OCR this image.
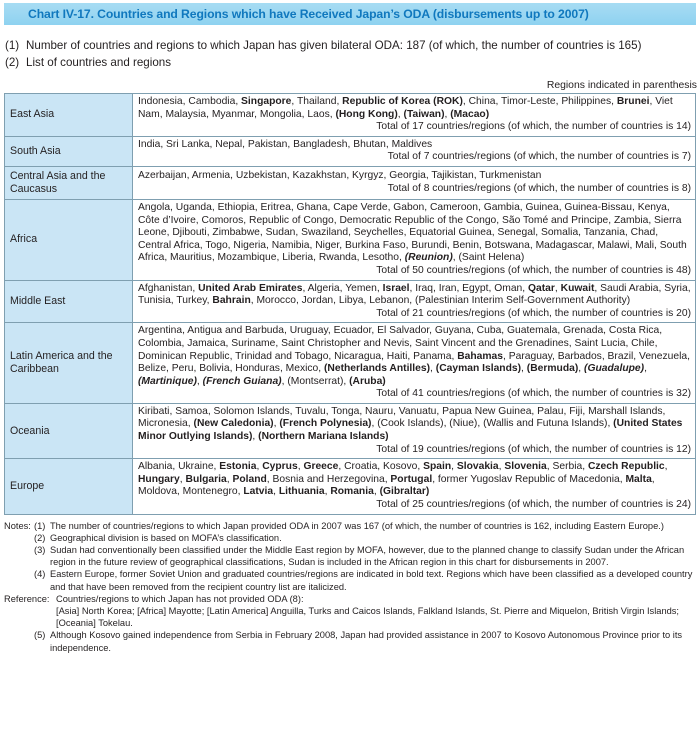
Chart IV-17. Countries and Regions which have Received Japan’s ODA (disbursements up to 2007)
(1) Number of countries and regions to which Japan has given bilateral ODA: 187 (of which, the number of countries is 165)
(2) List of countries and regions
Regions indicated in parenthesis
East Asia	Indonesia, Cambodia, Singapore, Thailand, Republic of Korea (ROK), China, Timor-Leste, Philippines, Brunei, Viet Nam, Malaysia, Myanmar, Mongolia, Laos, (Hong Kong), (Taiwan), (Macao)
Total of 17 countries/regions (of which, the number of countries is 14)

South Asia	India, Sri Lanka, Nepal, Pakistan, Bangladesh, Bhutan, Maldives
Total of 7 countries/regions (of which, the number of countries is 7)

Central Asia and the Caucasus	Azerbaijan, Armenia, Uzbekistan, Kazakhstan, Kyrgyz, Georgia, Tajikistan, Turkmenistan
Total of 8 countries/regions (of which, the number of countries is 8)

Africa	Angola, Uganda, Ethiopia, Eritrea, Ghana, Cape Verde, Gabon, Cameroon, Gambia, Guinea, Guinea-Bissau, Kenya, Côte d’Ivoire, Comoros, Republic of Congo, Democratic Republic of the Congo, São Tomé and Principe, Zambia, Sierra Leone, Djibouti, Zimbabwe, Sudan, Swaziland, Seychelles, Equatorial Guinea, Senegal, Somalia, Tanzania, Chad, Central Africa, Togo, Nigeria, Namibia, Niger, Burkina Faso, Burundi, Benin, Botswana, Madagascar, Malawi, Mali, South Africa, Mauritius, Mozambique, Liberia, Rwanda, Lesotho, (Reunion), (Saint Helena)
Total of 50 countries/regions (of which, the number of countries is 48)

Middle East	Afghanistan, United Arab Emirates, Algeria, Yemen, Israel, Iraq, Iran, Egypt, Oman, Qatar, Kuwait, Saudi Arabia, Syria, Tunisia, Turkey, Bahrain, Morocco, Jordan, Libya, Lebanon, (Palestinian Interim Self-Government Authority)
Total of 21 countries/regions (of which, the number of countries is 20)

Latin America and the Caribbean	Argentina, Antigua and Barbuda, Uruguay, Ecuador, El Salvador, Guyana, Cuba, Guatemala, Grenada, Costa Rica, Colombia, Jamaica, Suriname, Saint Christopher and Nevis, Saint Vincent and the Grenadines, Saint Lucia, Chile, Dominican Republic, Trinidad and Tobago, Nicaragua, Haiti, Panama, Bahamas, Paraguay, Barbados, Brazil, Venezuela, Belize, Peru, Bolivia, Honduras, Mexico, (Netherlands Antilles), (Cayman Islands), (Bermuda), (Guadalupe), (Martinique), (French Guiana), (Montserrat), (Aruba)
Total of 41 countries/regions (of which, the number of countries is 32)

Oceania	Kiribati, Samoa, Solomon Islands, Tuvalu, Tonga, Nauru, Vanuatu, Papua New Guinea, Palau, Fiji, Marshall Islands, Micronesia, (New Caledonia), (French Polynesia), (Cook Islands), (Niue), (Wallis and Futuna Islands), (United States Minor Outlying Islands), (Northern Mariana Islands)
Total of 19 countries/regions (of which, the number of countries is 12)

Europe	Albania, Ukraine, Estonia, Cyprus, Greece, Croatia, Kosovo, Spain, Slovakia, Slovenia, Serbia, Czech Republic, Hungary, Bulgaria, Poland, Bosnia and Herzegovina, Portugal, former Yugoslav Republic of Macedonia, Malta, Moldova, Montenegro, Latvia, Lithuania, Romania, (Gibraltar)
Total of 25 countries/regions (of which, the number of countries is 24)
Notes: (1) The number of countries/regions to which Japan provided ODA in 2007 was 167 (of which, the number of countries is 162, including Eastern Europe.)
(2) Geographical division is based on MOFA’s classification.
(3) Sudan had conventionally been classified under the Middle East region by MOFA, however, due to the planned change to classify Sudan under the African region in the future review of geographical classifications, Sudan is included in the African region in this chart for disbursements in 2007.
(4) Eastern Europe, former Soviet Union and graduated countries/regions are indicated in bold text. Regions which have been classified as a developed country and that have been removed from the recipient country list are italicized.
Reference: Countries/regions to which Japan has not provided ODA (8):
[Asia] North Korea; [Africa] Mayotte; [Latin America] Anguilla, Turks and Caicos Islands, Falkland Islands, St. Pierre and Miquelon, British Virgin Islands; [Oceania] Tokelau.
(5) Although Kosovo gained independence from Serbia in February 2008, Japan had provided assistance in 2007 to Kosovo Autonomous Province prior to its independence.
